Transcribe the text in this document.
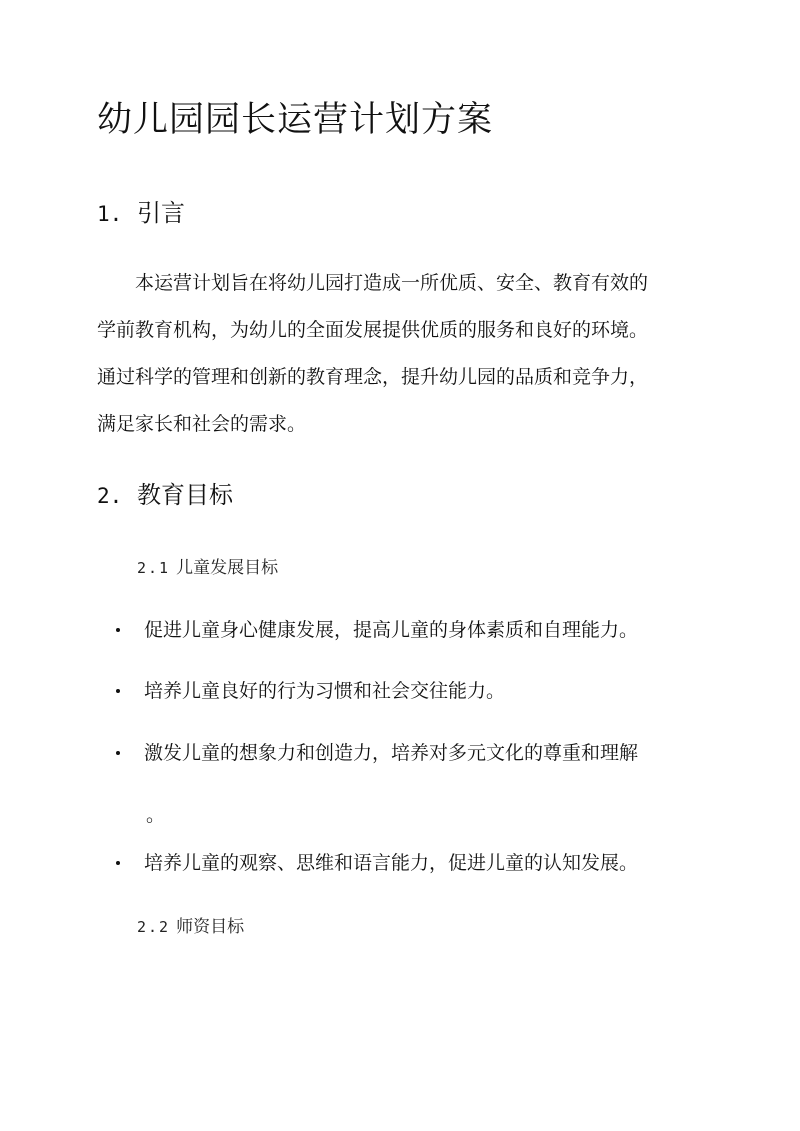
幼儿园园长运营计划方案
1. 引言
本运营计划旨在将幼儿园打造成一所优质、安全、教育有效的
学前教育机构，为幼儿的全面发展提供优质的服务和良好的环境。
通过科学的管理和创新的教育理念，提升幼儿园的品质和竞争力，
满足家长和社会的需求。
2. 教育目标
2.1 儿童发展目标
促进儿童身心健康发展，提高儿童的身体素质和自理能力。
培养儿童良好的行为习惯和社会交往能力。
激发儿童的想象力和创造力，培养对多元文化的尊重和理解
。
培养儿童的观察、思维和语言能力，促进儿童的认知发展。
2.2 师资目标
